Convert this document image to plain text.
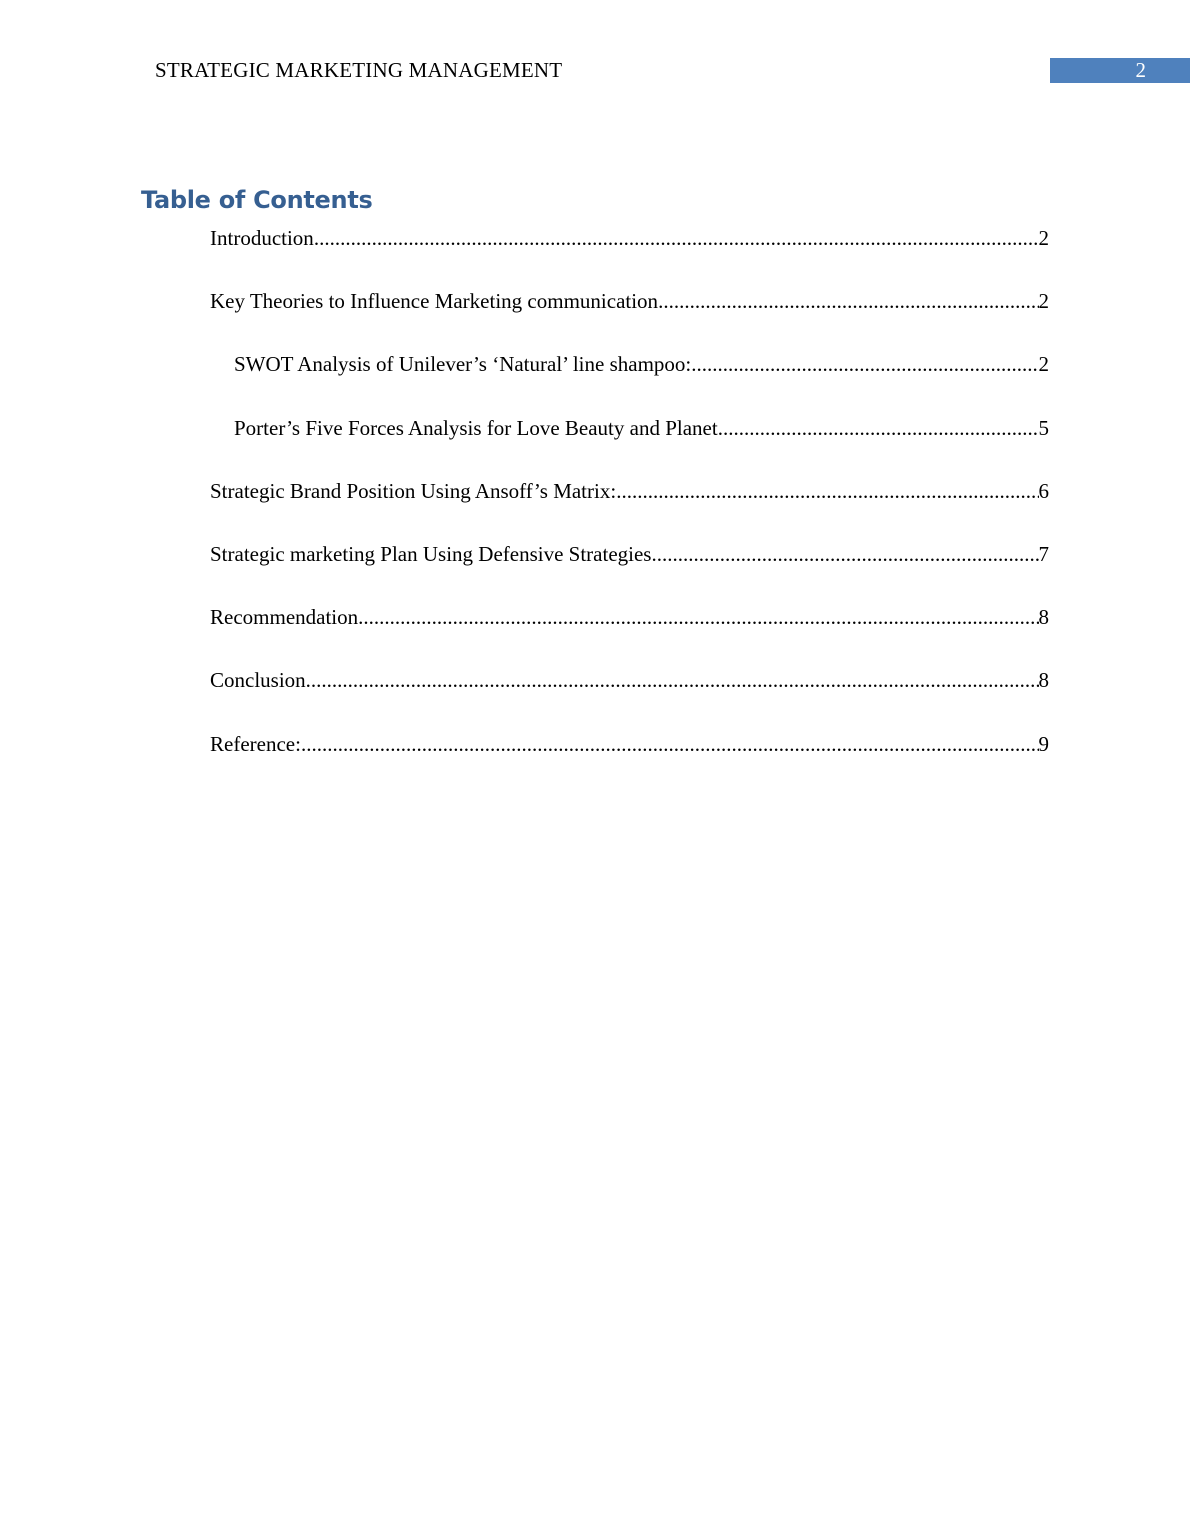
STRATEGIC MARKETING MANAGEMENT	2
Table of Contents
Introduction .....	2
Key Theories to Influence Marketing communication .....	2
SWOT Analysis of Unilever’s ‘Natural’ line shampoo: .....	2
Porter’s Five Forces Analysis for Love Beauty and Planet .....	5
Strategic Brand Position Using Ansoff’s Matrix: .....	6
Strategic marketing Plan Using Defensive Strategies .....	7
Recommendation .....	8
Conclusion .....	8
Reference: .....	9
